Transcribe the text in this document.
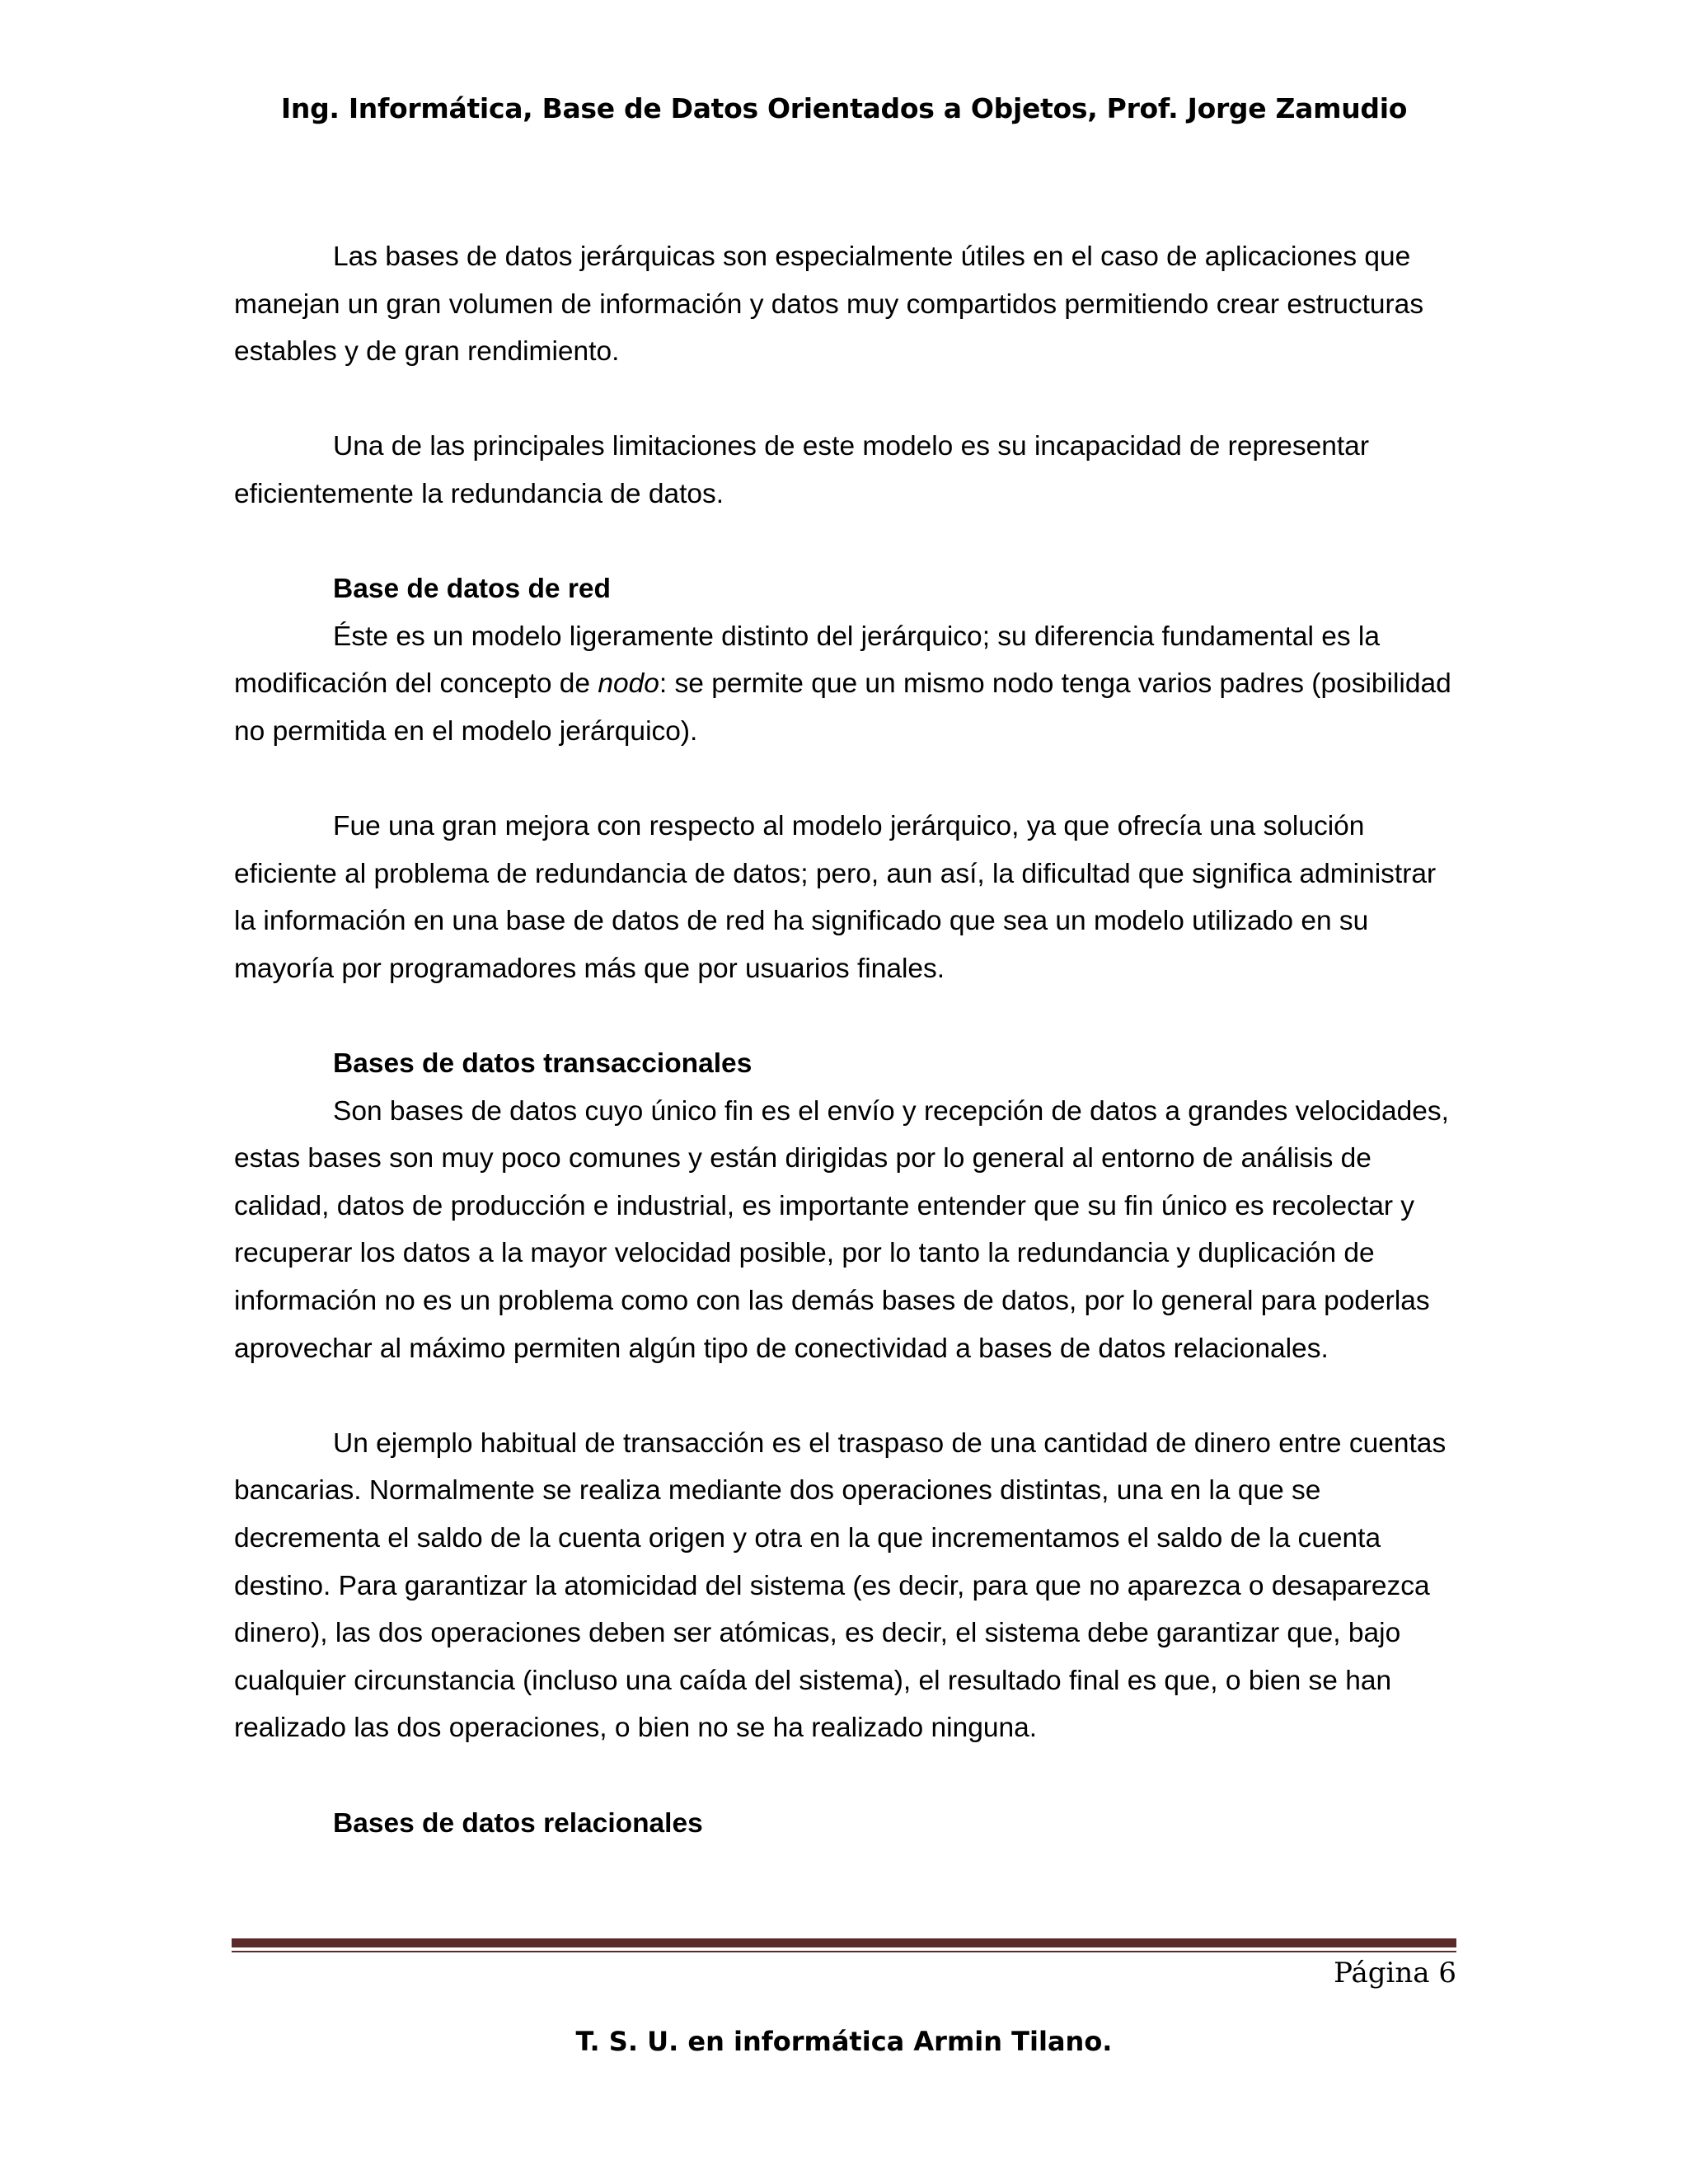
Ing. Informática, Base de Datos Orientados a Objetos, Prof. Jorge Zamudio

Las bases de datos jerárquicas son especialmente útiles en el caso de aplicaciones que manejan un gran volumen de información y datos muy compartidos permitiendo crear estructuras estables y de gran rendimiento.

Una de las principales limitaciones de este modelo es su incapacidad de representar eficientemente la redundancia de datos.

Base de datos de red

Éste es un modelo ligeramente distinto del jerárquico; su diferencia fundamental es la modificación del concepto de nodo: se permite que un mismo nodo tenga varios padres (posibilidad no permitida en el modelo jerárquico).

Fue una gran mejora con respecto al modelo jerárquico, ya que ofrecía una solución eficiente al problema de redundancia de datos; pero, aun así, la dificultad que significa administrar la información en una base de datos de red ha significado que sea un modelo utilizado en su mayoría por programadores más que por usuarios finales.

Bases de datos transaccionales

Son bases de datos cuyo único fin es el envío y recepción de datos a grandes velocidades, estas bases son muy poco comunes y están dirigidas por lo general al entorno de análisis de calidad, datos de producción e industrial, es importante entender que su fin único es recolectar y recuperar los datos a la mayor velocidad posible, por lo tanto la redundancia y duplicación de información no es un problema como con las demás bases de datos, por lo general para poderlas aprovechar al máximo permiten algún tipo de conectividad a bases de datos relacionales.

Un ejemplo habitual de transacción es el traspaso de una cantidad de dinero entre cuentas bancarias. Normalmente se realiza mediante dos operaciones distintas, una en la que se decrementa el saldo de la cuenta origen y otra en la que incrementamos el saldo de la cuenta destino. Para garantizar la atomicidad del sistema (es decir, para que no aparezca o desaparezca dinero), las dos operaciones deben ser atómicas, es decir, el sistema debe garantizar que, bajo cualquier circunstancia (incluso una caída del sistema), el resultado final es que, o bien se han realizado las dos operaciones, o bien no se ha realizado ninguna.

Bases de datos relacionales
Página 6
T. S. U. en informática Armin Tilano.
